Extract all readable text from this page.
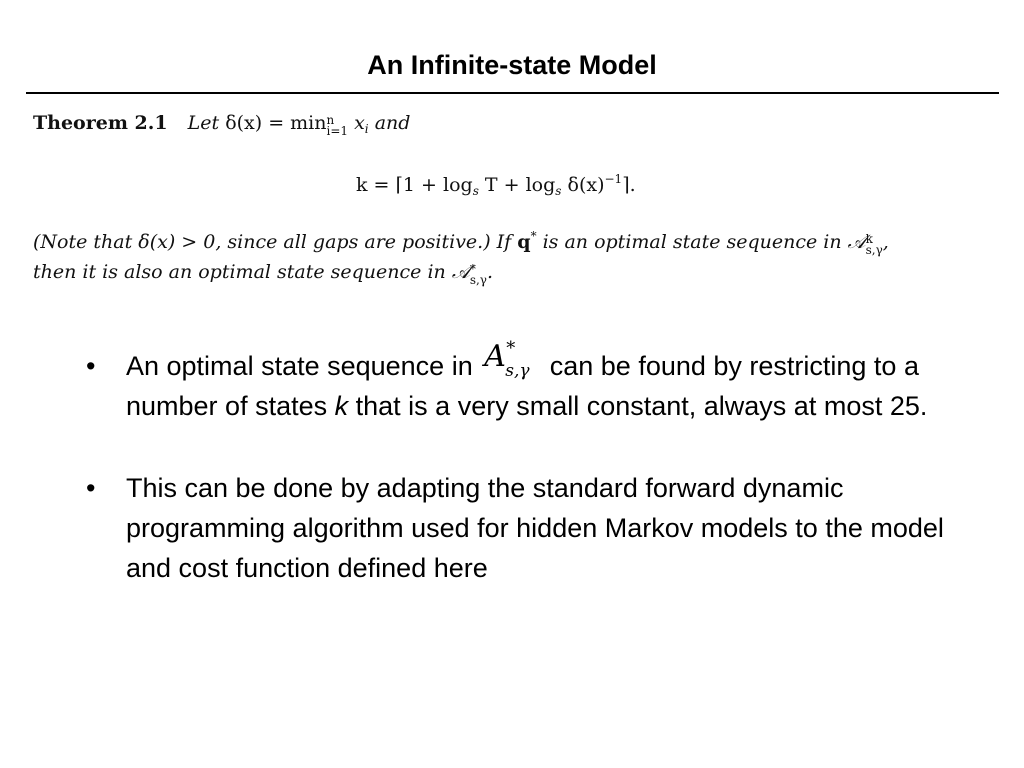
An Infinite-state Model
Theorem 2.1 Let δ(x) = minn
i=1 $x_i$ and
k = ⌈1 + $\log_s T + \log_s$ $\delta(x)^{-1}⌉$.
(Note that δ(x) > 0, since all gaps are positive.) If q* is an optimal state sequence in 𝒜k
s,γ,
then it is also an optimal state sequence in 𝒜*
s,γ.
• An optimal state sequence in A *
s,γ can be found by restricting to a number of states k that is a very small constant, always at most 25.
• This can be done by adapting the standard forward dynamic programming algorithm used for hidden Markov models to the model and cost function defined here
